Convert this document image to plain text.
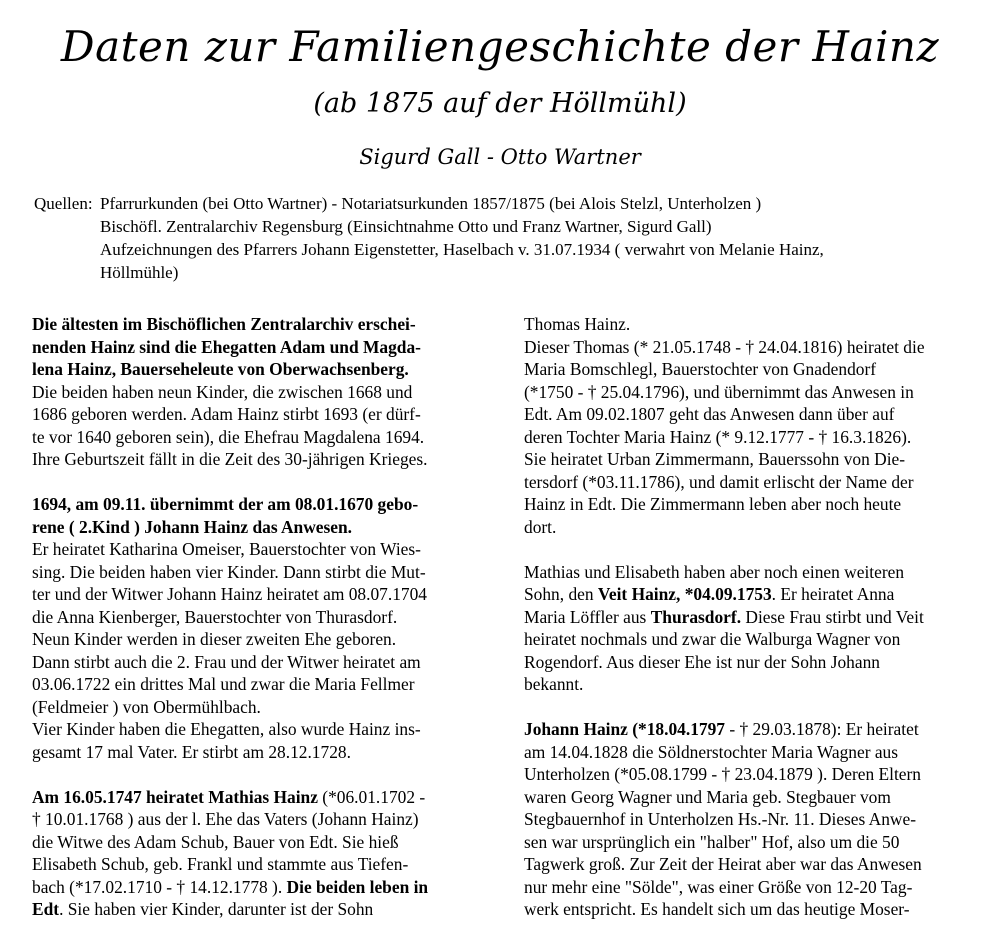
Daten zur Familiengeschichte der Hainz
(ab 1875 auf der Höllmühl)
Sigurd Gall - Otto Wartner
Quellen: Pfarrurkunden (bei Otto Wartner) - Notariatsurkunden 1857/1875 (bei Alois Stelzl, Unterholzen )
Bischöfl. Zentralarchiv Regensburg (Einsichtnahme Otto und Franz Wartner, Sigurd Gall)
Aufzeichnungen des Pfarrers Johann Eigenstetter, Haselbach v. 31.07.1934 ( verwahrt von Melanie Hainz,
Höllmühle)
Die ältesten im Bischöflichen Zentralarchiv erschei-
nenden Hainz sind die Ehegatten Adam und Magda-
lena Hainz, Bauerseheleute von Oberwachsenberg.
Die beiden haben neun Kinder, die zwischen 1668 und
1686 geboren werden. Adam Hainz stirbt 1693 (er dürf-
te vor 1640 geboren sein), die Ehefrau Magdalena 1694.
Ihre Geburtszeit fällt in die Zeit des 30-jährigen Krieges.
1694, am 09.11. übernimmt der am 08.01.1670 gebo-
rene ( 2.Kind ) Johann Hainz das Anwesen.
Er heiratet Katharina Omeiser, Bauerstochter von Wies-
sing. Die beiden haben vier Kinder. Dann stirbt die Mut-
ter und der Witwer Johann Hainz heiratet am 08.07.1704
die Anna Kienberger, Bauerstochter von Thurasdorf.
Neun Kinder werden in dieser zweiten Ehe geboren.
Dann stirbt auch die 2. Frau und der Witwer heiratet am
03.06.1722 ein drittes Mal und zwar die Maria Fellmer
(Feldmeier ) von Obermühlbach.
Vier Kinder haben die Ehegatten, also wurde Hainz ins-
gesamt 17 mal Vater. Er stirbt am 28.12.1728.
Am 16.05.1747 heiratet Mathias Hainz (*06.01.1702 -
† 10.01.1768 ) aus der l. Ehe das Vaters (Johann Hainz)
die Witwe des Adam Schub, Bauer von Edt. Sie hieß
Elisabeth Schub, geb. Frankl und stammte aus Tiefen-
bach (*17.02.1710 - † 14.12.1778 ). Die beiden leben in
Edt. Sie haben vier Kinder, darunter ist der Sohn
Thomas Hainz.
Dieser Thomas (* 21.05.1748 - † 24.04.1816) heiratet die
Maria Bomschlegl, Bauerstochter von Gnadendorf
(*1750 - † 25.04.1796), und übernimmt das Anwesen in
Edt. Am 09.02.1807 geht das Anwesen dann über auf
deren Tochter Maria Hainz (* 9.12.1777 - † 16.3.1826).
Sie heiratet Urban Zimmermann, Bauerssohn von Die-
tersdorf (*03.11.1786), und damit erlischt der Name der
Hainz in Edt. Die Zimmermann leben aber noch heute
dort.
Mathias und Elisabeth haben aber noch einen weiteren
Sohn, den Veit Hainz, *04.09.1753. Er heiratet Anna
Maria Löffler aus Thurasdorf. Diese Frau stirbt und Veit
heiratet nochmals und zwar die Walburga Wagner von
Rogendorf. Aus dieser Ehe ist nur der Sohn Johann
bekannt.
Johann Hainz (*18.04.1797 - † 29.03.1878): Er heiratet
am 14.04.1828 die Söldnerstochter Maria Wagner aus
Unterholzen (*05.08.1799 - † 23.04.1879 ). Deren Eltern
waren Georg Wagner und Maria geb. Stegbauer vom
Stegbauernhof in Unterholzen Hs.-Nr. 11. Dieses Anwe-
sen war ursprünglich ein "halber" Hof, also um die 50
Tagwerk groß. Zur Zeit der Heirat aber war das Anwesen
nur mehr eine "Sölde", was einer Größe von 12-20 Tag-
werk entspricht. Es handelt sich um das heutige Moser-
